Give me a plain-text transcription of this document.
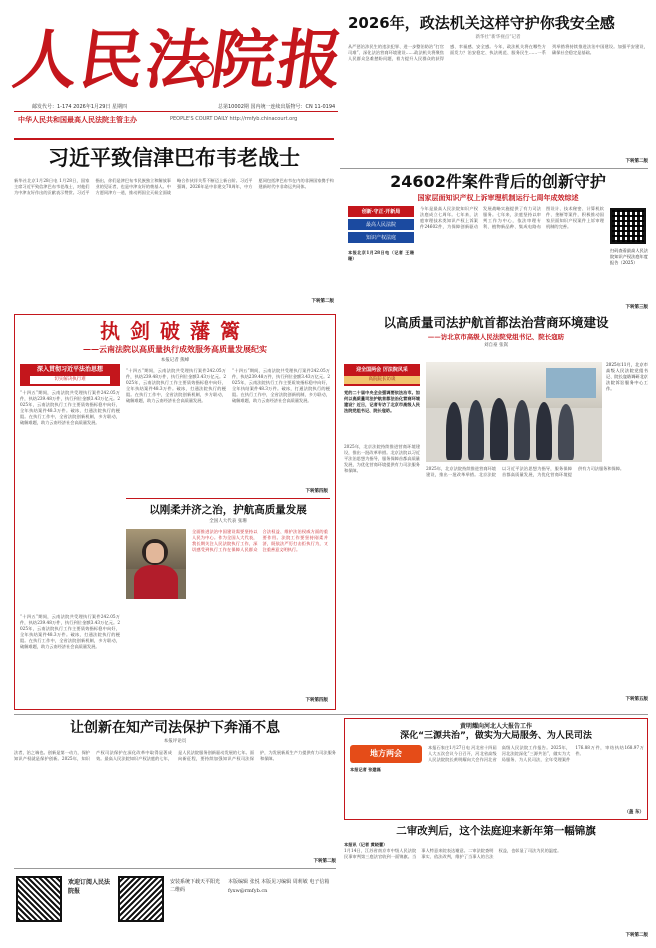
人民法院报
邮发代号：1-174 2026年1月29日 星期四	总第10002期 国内统一连续出版物号：CN 11-0194
中华人民共和国最高人民法院主管主办	PEOPLE'S COURT DAILY http://rmfyb.chinacourt.org
2026年，政法机关这样守护你我安全感
新华社“新华视点”记者
从严惩治涉民生的违法犯罪、进一步整治防治“打官司难”、深化法治营商环境建设……政法机关将聚焦人民群众急难愁盼问题，着力提升人民群众的获得感、幸福感、安全感。今年，政法机关将在哪些方面发力？治安稳定、执法规范、服务民生……一系列举措将持续推进法治中国建设。加强平安建设，确保社会稳定是基础。
下转第二版
习近平致信津巴布韦老战士
新华社北京1月28日电 1月28日，国家主席习近平致信津巴布韦老战士，对他们为中津友好作出的贡献表示赞赏。习近平指出，你们是津巴布韦民族独立和解放事业的见证者，也是中津友好的奠基人。中方愿同津方一道，推动两国全天候全面战略合作伙伴关系不断迈上新台阶。习近平强调，2026年是中非建交70周年，中方愿同包括津巴布韦在内的非洲国家携手构建新时代中非命运共同体。
下转第二版
24602件案件背后的创新守护
国家层面知识产权上诉审理机制运行七周年成效综述
创新·守正·开新局
最高人民法院
知识产权法庭
本报北京1月28日电（记者 王珊珊）
今年是最高人民法院知识产权法庭成立七周年。七年来，法庭审理技术类知识产权上诉案件24602件，为保障创新驱动发展战略实施提供了有力司法服务。七年来，法庭坚持以审判工作为中心，依法审理专利、植物新品种、集成电路布图设计、技术秘密、计算机软件、垄断等案件，积极推动国家层面知识产权案件上诉审理机制的完善。
扫码查看最高人民法院知识产权法庭年度报告（2025）
下转第三版
执剑破藩篱
——云南法院以高质量执行成效服务高质量发展纪实
本报记者 熊峰
深入贯彻习近平法治思想
切实解决执行难
“十四五”期间，云南法院共受理执行案件242.05万件，执结239.48万件，执行到位金额3.43万亿元。2025年，云南法院执行工作主要质效指标稳中向好，全年执结案件48.3万件。破冰，打通法院执行的梗阻。在执行工作中，全省法院创新机制，多方联动，破解难题，助力云南经济社会高质量发展。
“十四五”期间，云南法院共受理执行案件242.05万件，执结239.48万件，执行到位金额3.43万亿元。2025年，云南法院执行工作主要质效指标稳中向好，全年执结案件48.3万件。破冰，打通法院执行的梗阻。在执行工作中，全省法院创新机制，多方联动，破解难题，助力云南经济社会高质量发展。
“十四五”期间，云南法院共受理执行案件242.05万件，执结239.48万件，执行到位金额3.43万亿元。2025年，云南法院执行工作主要质效指标稳中向好，全年执结案件48.3万件。破冰，打通法院执行的梗阻。在执行工作中，全省法院创新机制，多方联动，破解难题，助力云南经济社会高质量发展。
下转第四版
以刚柔并济之治，护航高质量发展
全国人大代表 张珊
全面推进法治中国建设需要坚持以人民为中心。作为全国人大代表，我长期关注人民法院执行工作，深切感受到执行工作在保障人民群众合法权益、维护法治权威方面的重要作用。法院工作要坚持刚柔并济，既依法严厉打击拒执行为，又注重善意文明执行。
下转第四版
“十四五”期间，云南法院共受理执行案件242.05万件，执结239.48万件，执行到位金额3.43万亿元。2025年，云南法院执行工作主要质效指标稳中向好，全年执结案件48.3万件。破冰，打通法院执行的梗阻。在执行工作中，全省法院创新机制，多方联动，破解难题，助力云南经济社会高质量发展。
以高质量司法护航首都法治营商环境建设
——访北京市高级人民法院党组书记、院长寇昉
刘自豪 张嵩
迎全国两会 厉法院风采
高院院长访谈
党的二十届中央全会强调要依法治市。如何以高质量司法护航首都法治化营商环境建设？近日，记者专访了北京市高级人民法院党组书记、院长寇昉。
2025年11月，北京市高级人民法院党组书记、院长寇昉调研北京法院诉讼服务中心工作。
2025年，北京法院持续推进营商环境建设，推出一批改革举措。北京法院以习近平法治思想为指导，服务保障首都高质量发展，为优化营商环境提供有力司法服务和保障。	2025年，北京法院持续推进营商环境建设，推出一批改革举措。北京法院以习近平法治思想为指导，服务保障首都高质量发展，为优化营商环境提供有力司法服务和保障。
下转第五版
让创新在知产司法保护下奔涌不息
本报评论员
法者，治之端也。创新是第一动力，保护知识产权就是保护创新。2025年，知识产权司法保护在深化改革中取得显著成效。最高人民法院知识产权法庭的七年，是人民法院服务创新驱动发展的七年。面向新征程，要持续加强知识产权司法保护，为发展新质生产力提供有力司法服务和保障。
下转第二版
黄明耀向河北人大报告工作
深化“三源共治”，做实为大局服务、为人民司法
地方两会
本报记者 张建磊
本报石家庄1月27日电 河北省十四届人大五次会议今日召开，河北省高级人民法院院长黄明耀向大会作河北省高级人民法院工作报告。2025年，河北法院深化“三源共治”，做实为大局服务、为人民司法，全年受理案件176.88万件，审结执结168.97万件。
（盖 东）
二审改判后，这个法庭迎来新年第一幅锦旗
本报讯（记者 黄晓蕾）
1月14日，江苏省南京市中级人民法院民事审判第三庭法官收到一面锦旗。当事人特意来院表达谢意。二审法院查明事实、依法改判，维护了当事人的合法权益，也彰显了司法为民的温度。
下转第二版
欢迎订阅人民法院报
安装系统下载天平阳光二维码
本版编辑 张悦 本版见习编辑 周莉敏 电子信箱 fyxw@rmfyb.cn
